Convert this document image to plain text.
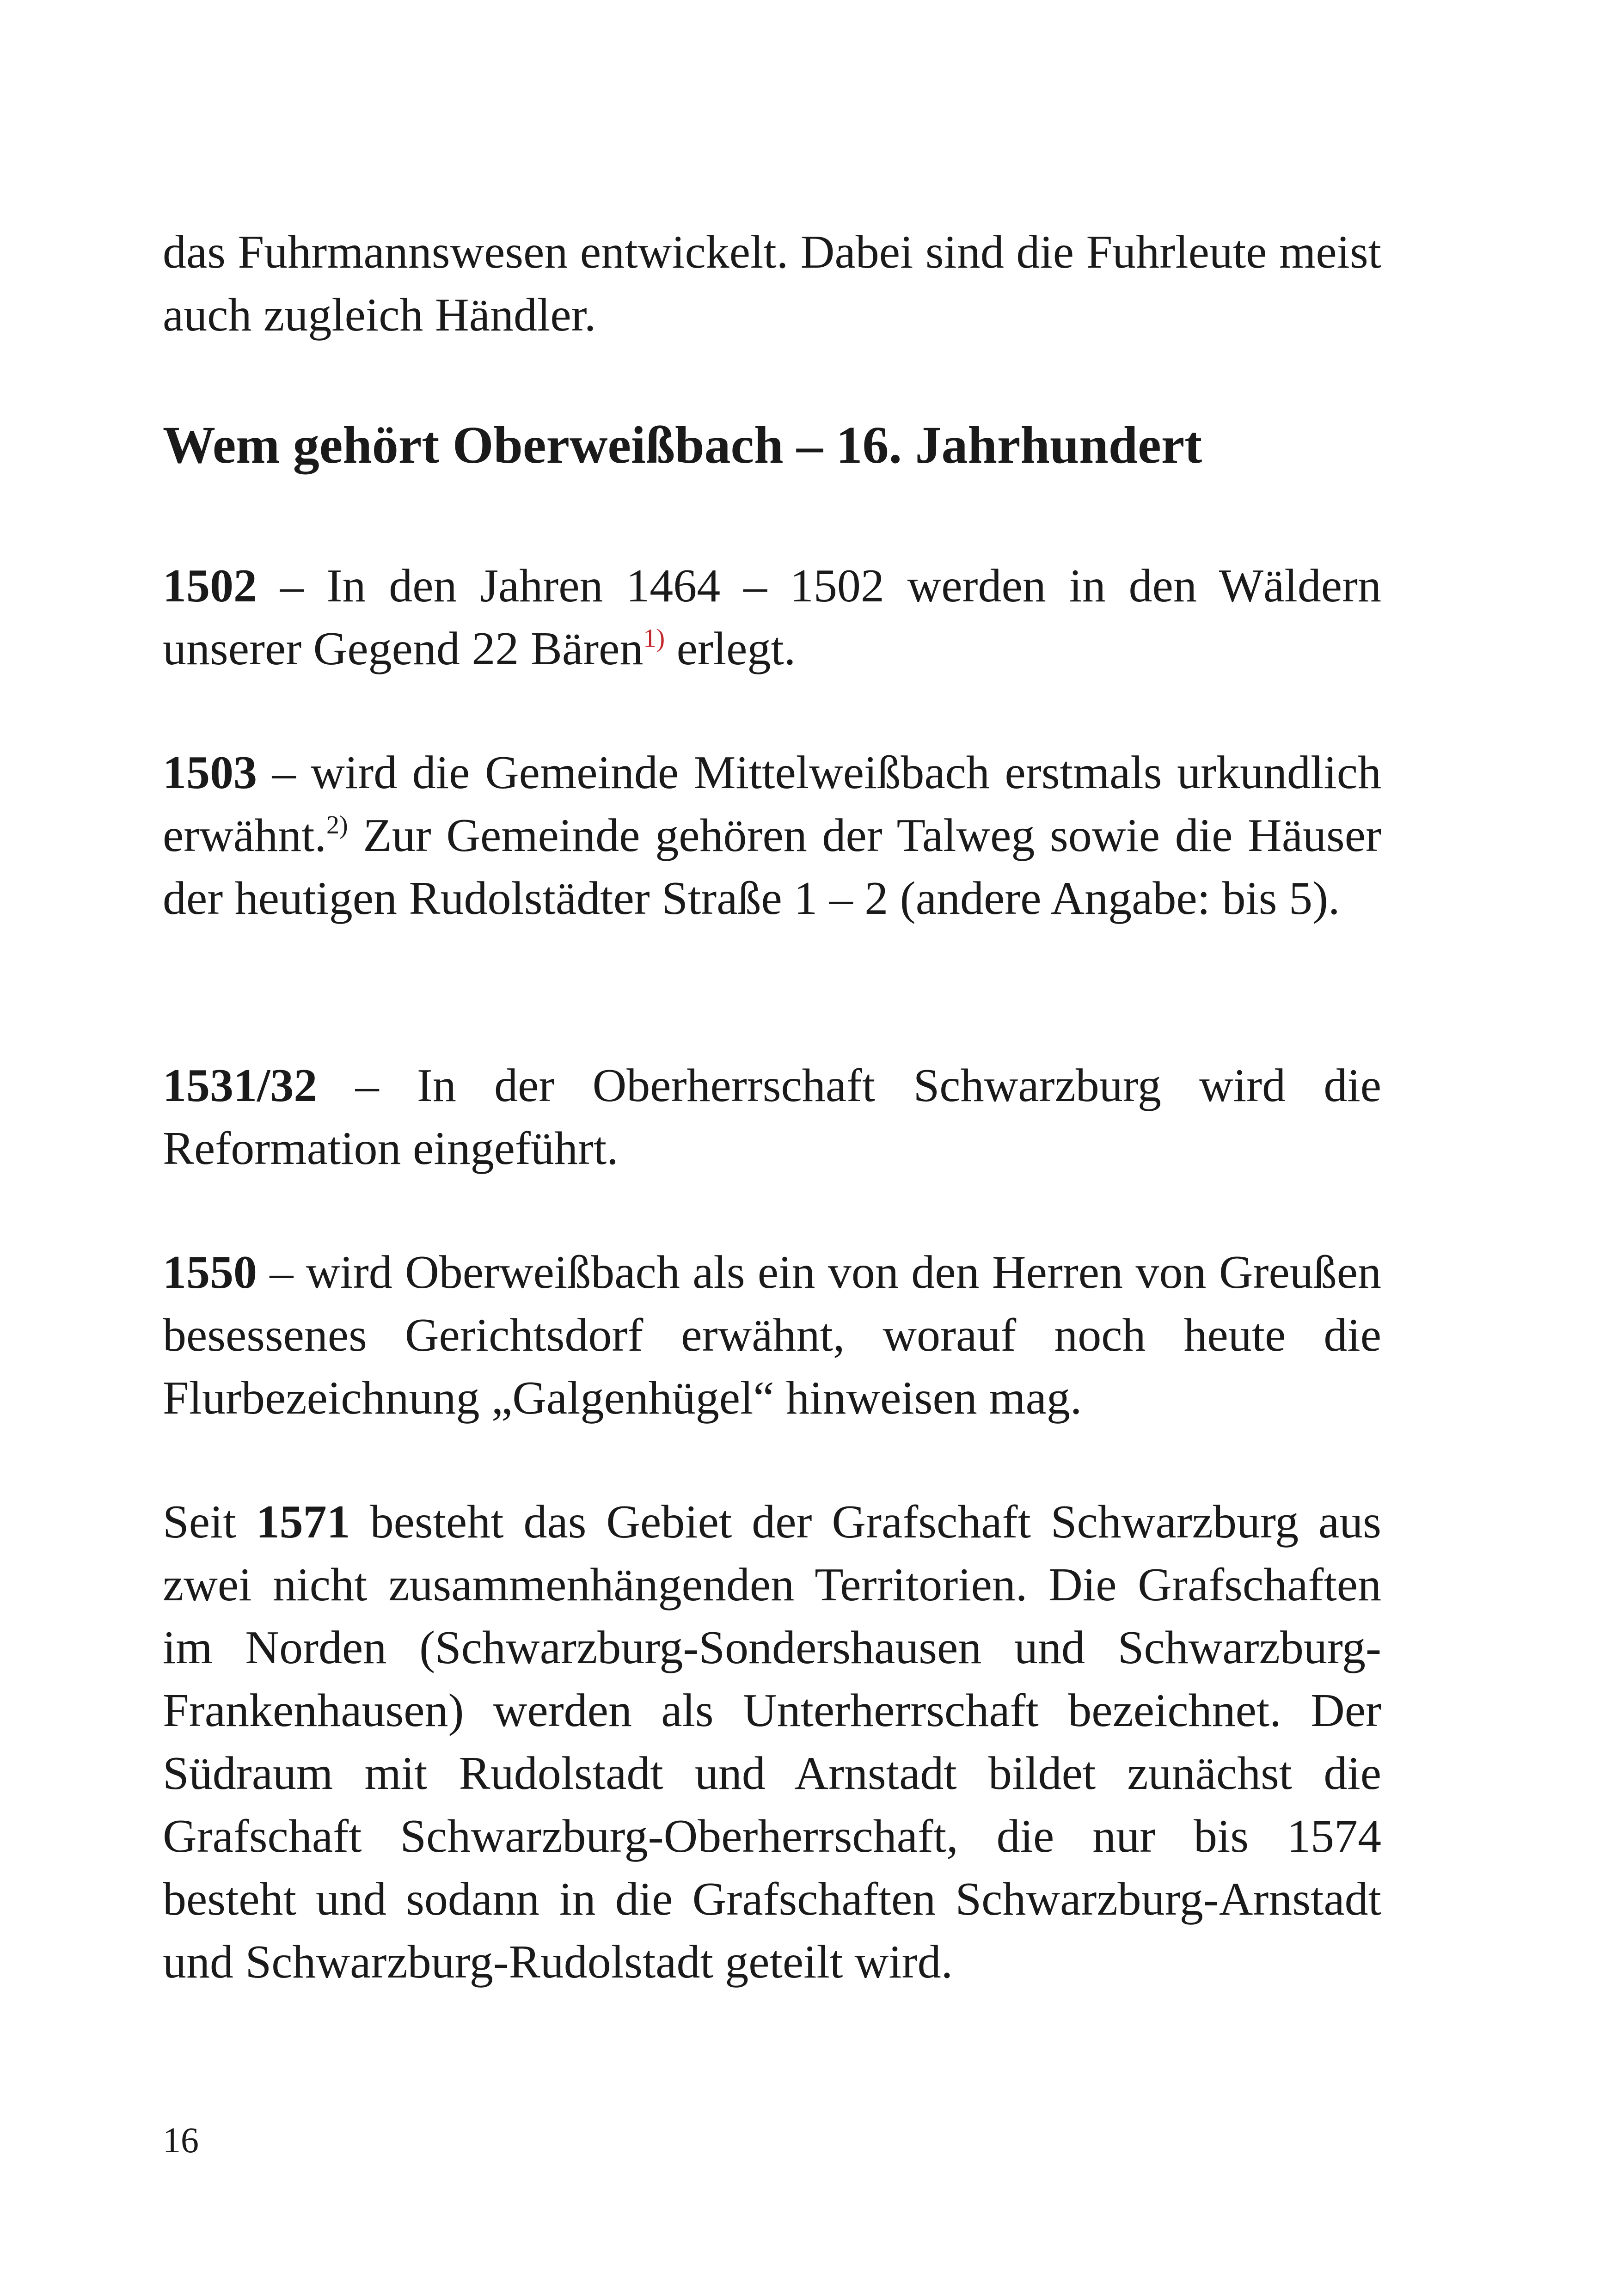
das Fuhrmannswesen entwickelt. Dabei sind die Fuhrleute meist auch zugleich Händler.

Wem gehört Oberweißbach – 16. Jahrhundert

1502 – In den Jahren 1464 – 1502 werden in den Wäldern unserer Gegend 22 Bären$^{1)}$ erlegt.

1503 – wird die Gemeinde Mittelweißbach erstmals urkundlich erwähnt.$^{2)}$ Zur Gemeinde gehören der Talweg sowie die Häuser der heutigen Rudolstädter Straße 1 – 2 (andere Angabe: bis 5).

1531/32 – In der Oberherrschaft Schwarzburg wird die Reformation eingeführt.

1550 – wird Oberweißbach als ein von den Herren von Greußen besessenes Gerichtsdorf erwähnt, worauf noch heute die Flurbezeichnung „Galgenhügel“ hinweisen mag.

Seit 1571 besteht das Gebiet der Grafschaft Schwarzburg aus zwei nicht zusammenhängenden Territorien. Die Grafschaften im Norden (Schwarzburg-Sondershausen und Schwarzburg-Frankenhausen) werden als Unterherrschaft bezeichnet. Der Südraum mit Rudolstadt und Arnstadt bildet zunächst die Grafschaft Schwarzburg-Oberherrschaft, die nur bis 1574 besteht und sodann in die Grafschaften Schwarzburg-Arnstadt und Schwarzburg-Rudolstadt geteilt wird.

16
